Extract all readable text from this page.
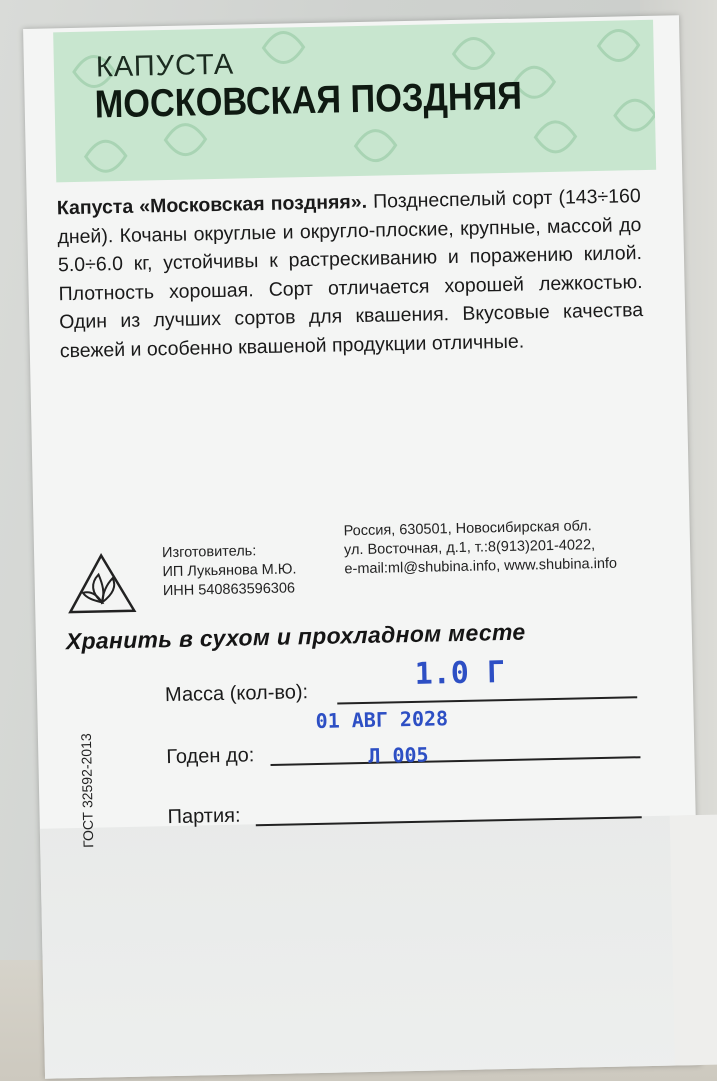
КАПУСТА
МОСКОВСКАЯ ПОЗДНЯЯ
Капуста «Московская поздняя». Позднеспелый сорт (143÷160 дней). Кочаны округлые и округло-плоские, крупные, массой до 5.0÷6.0 кг, устойчивы к растрескиванию и поражению килой. Плотность хорошая. Сорт отличается хорошей лежкостью. Один из лучших сортов для квашения. Вкусовые качества свежей и особенно квашеной продукции отличные.
Изготовитель:
ИП Лукьянова М.Ю.
ИНН 540863596306
Россия, 630501, Новосибирская обл.
ул. Восточная, д.1, т.:8(913)201-4022,
e-mail:ml@shubina.info, www.shubina.info
Хранить в сухом и прохладном месте
Масса (кол-во):
1.0 Г
01 АВГ 2028
Годен до:	Л 005
Партия:
ГОСТ 32592-2013
